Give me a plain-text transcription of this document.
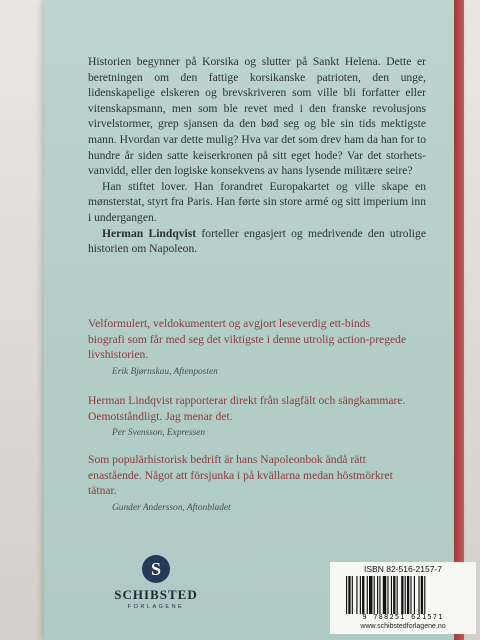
Historien begynner på Korsika og slutter på Sankt Helena. Dette er beretningen om den fattige korsikanske patrioten, den unge, lidenskapelige elskeren og brevskriveren som ville bli forfatter eller vitenskapsmann, men som ble revet med i den franske revolusjons virvelstormer, grep sjansen da den bød seg og ble sin tids mektigste mann. Hvordan var dette mulig? Hva var det som drev ham da han for to hundre år siden satte keiserkronen på sitt eget hode? Var det storhets-vanvidd, eller den logiske konsekvens av hans lysende militære seire?

Han stiftet lover. Han forandret Europakartet og ville skape en mønsterstat, styrt fra Paris. Han førte sin store armé og sitt imperium inn i undergangen.

Herman Lindqvist forteller engasjert og medrivende den utrolige historien om Napoleon.

Velformulert, veldokumentert og avgjort leseverdig ett-binds biografi som får med seg det viktigste i denne utrolig action-pregede livshistorien.

Erik Bjørnskau, Aftenposten

Herman Lindqvist rapporterar direkt från slagfält och sängkammare. Oemotståndligt. Jag menar det.

Per Svensson, Expressen

Som populärhistorisk bedrift är hans Napoleonbok ändå rätt enastående. Något att försjunka i på kvällarna medan höstmörkret tätnar.

Gunder Andersson, Aftonbladet
S
SCHIBSTED
FORLAGENE
ISBN 82-516-2157-7
9 788251 621571
www.schibstedforlagene.no
